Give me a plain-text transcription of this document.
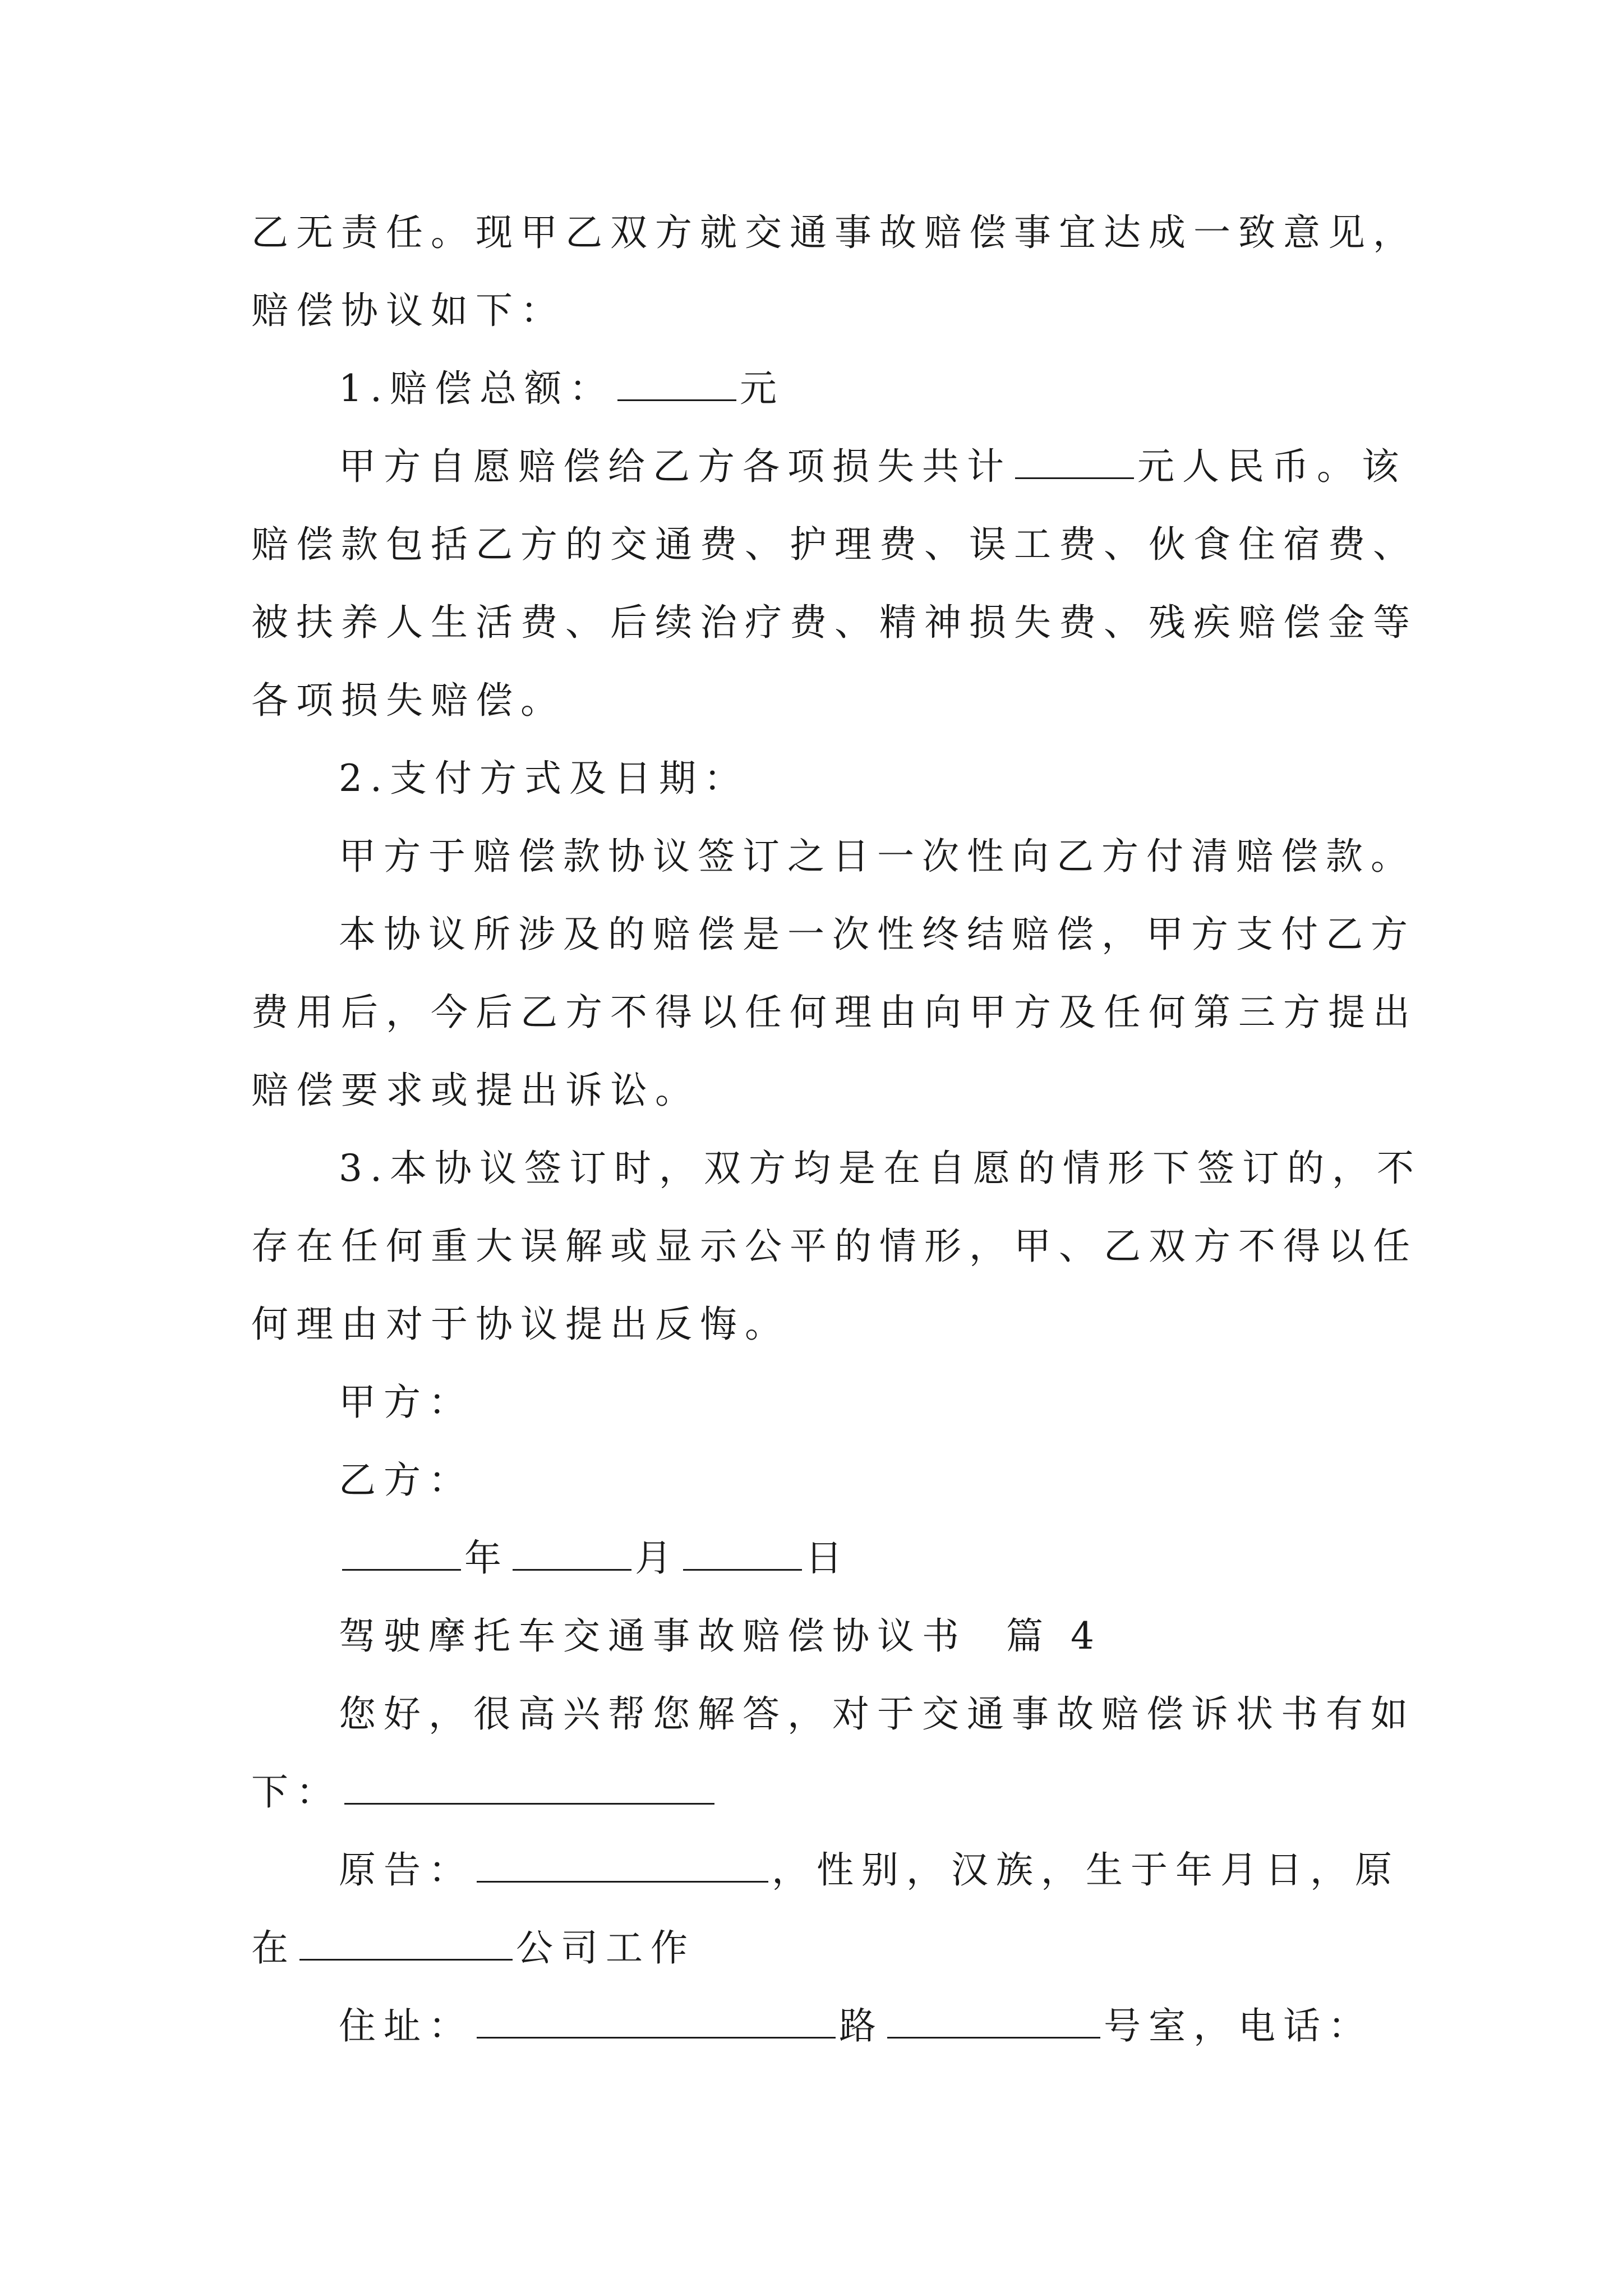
乙无责任。现甲乙双方就交通事故赔偿事宜达成一致意见，
赔偿协议如下：
1.赔偿总额：	元
甲方自愿赔偿给乙方各项损失共计	元人民币。该
赔偿款包括乙方的交通费、护理费、误工费、伙食住宿费、
被扶养人生活费、后续治疗费、精神损失费、残疾赔偿金等
各项损失赔偿。
2.支付方式及日期：
甲方于赔偿款协议签订之日一次性向乙方付清赔偿款。
本协议所涉及的赔偿是一次性终结赔偿，甲方支付乙方
费用后，今后乙方不得以任何理由向甲方及任何第三方提出
赔偿要求或提出诉讼。
3.本协议签订时，双方均是在自愿的情形下签订的，不
存在任何重大误解或显示公平的情形，甲、乙双方不得以任
何理由对于协议提出反悔。
甲方：
乙方：
年	月	日
驾驶摩托车交通事故赔偿协议书  篇 4
您好，很高兴帮您解答，对于交通事故赔偿诉状书有如
下：
原告：	，性别，汉族，生于年月日，原
在	公司工作
住址：	路	号室，电话：
